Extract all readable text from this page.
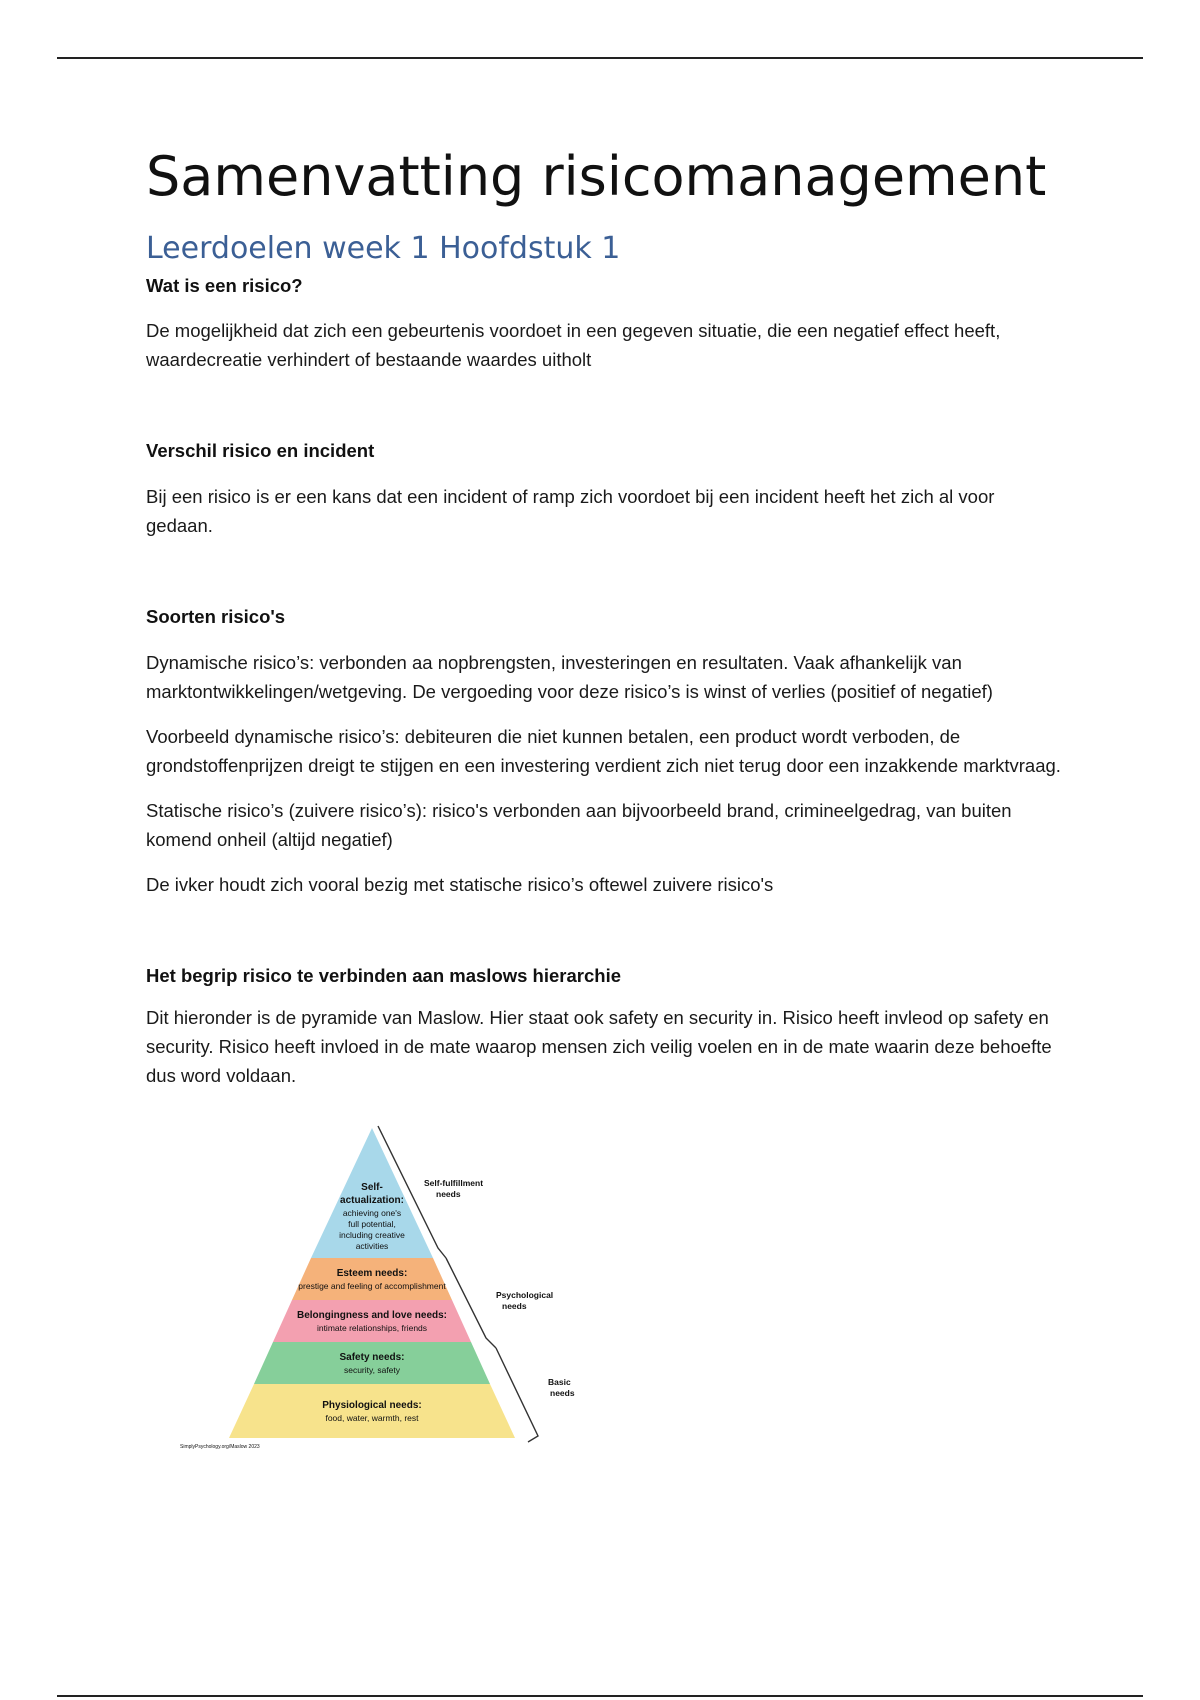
Samenvatting risicomanagement
Leerdoelen week 1 Hoofdstuk 1
Wat is een risico?

De mogelijkheid dat zich een gebeurtenis voordoet in een gegeven situatie, die een negatief effect heeft, waardecreatie verhindert of bestaande waardes uitholt

Verschil risico en incident

Bij een risico is er een kans dat een incident of ramp zich voordoet bij een incident heeft het zich al voor gedaan.

Soorten risico's

Dynamische risico’s: verbonden aa nopbrengsten, investeringen en resultaten. Vaak afhankelijk van marktontwikkelingen/wetgeving. De vergoeding voor deze risico’s is winst of verlies (positief of negatief)

Voorbeeld dynamische risico’s: debiteuren die niet kunnen betalen, een product wordt verboden, de grondstoffenprijzen dreigt te stijgen en een investering verdient zich niet terug door een inzakkende marktvraag.

Statische risico’s (zuivere risico’s): risico's verbonden aan bijvoorbeeld brand, crimineelgedrag, van buiten komend onheil (altijd negatief)

De ivker houdt zich vooral bezig met statische risico’s oftewel zuivere risico's

Het begrip risico te verbinden aan maslows hierarchie

Dit hieronder is de pyramide van Maslow. Hier staat ook safety en security in. Risico heeft invleod op safety en security. Risico heeft invloed in de mate waarop mensen zich veilig voelen en in de mate waarin deze behoefte dus word voldaan.

Self-
actualization:
achieving one's
full potential,
including creative
activities
Esteem needs:
prestige and feeling of accomplishment
Belongingness and love needs:
intimate relationships, friends
Safety needs:
security, safety
Physiological needs:
food, water, warmth, rest
Self-fulfillment
needs
Psychological
needs
Basic
needs
SimplyPsychology.org/Maslow 2023
